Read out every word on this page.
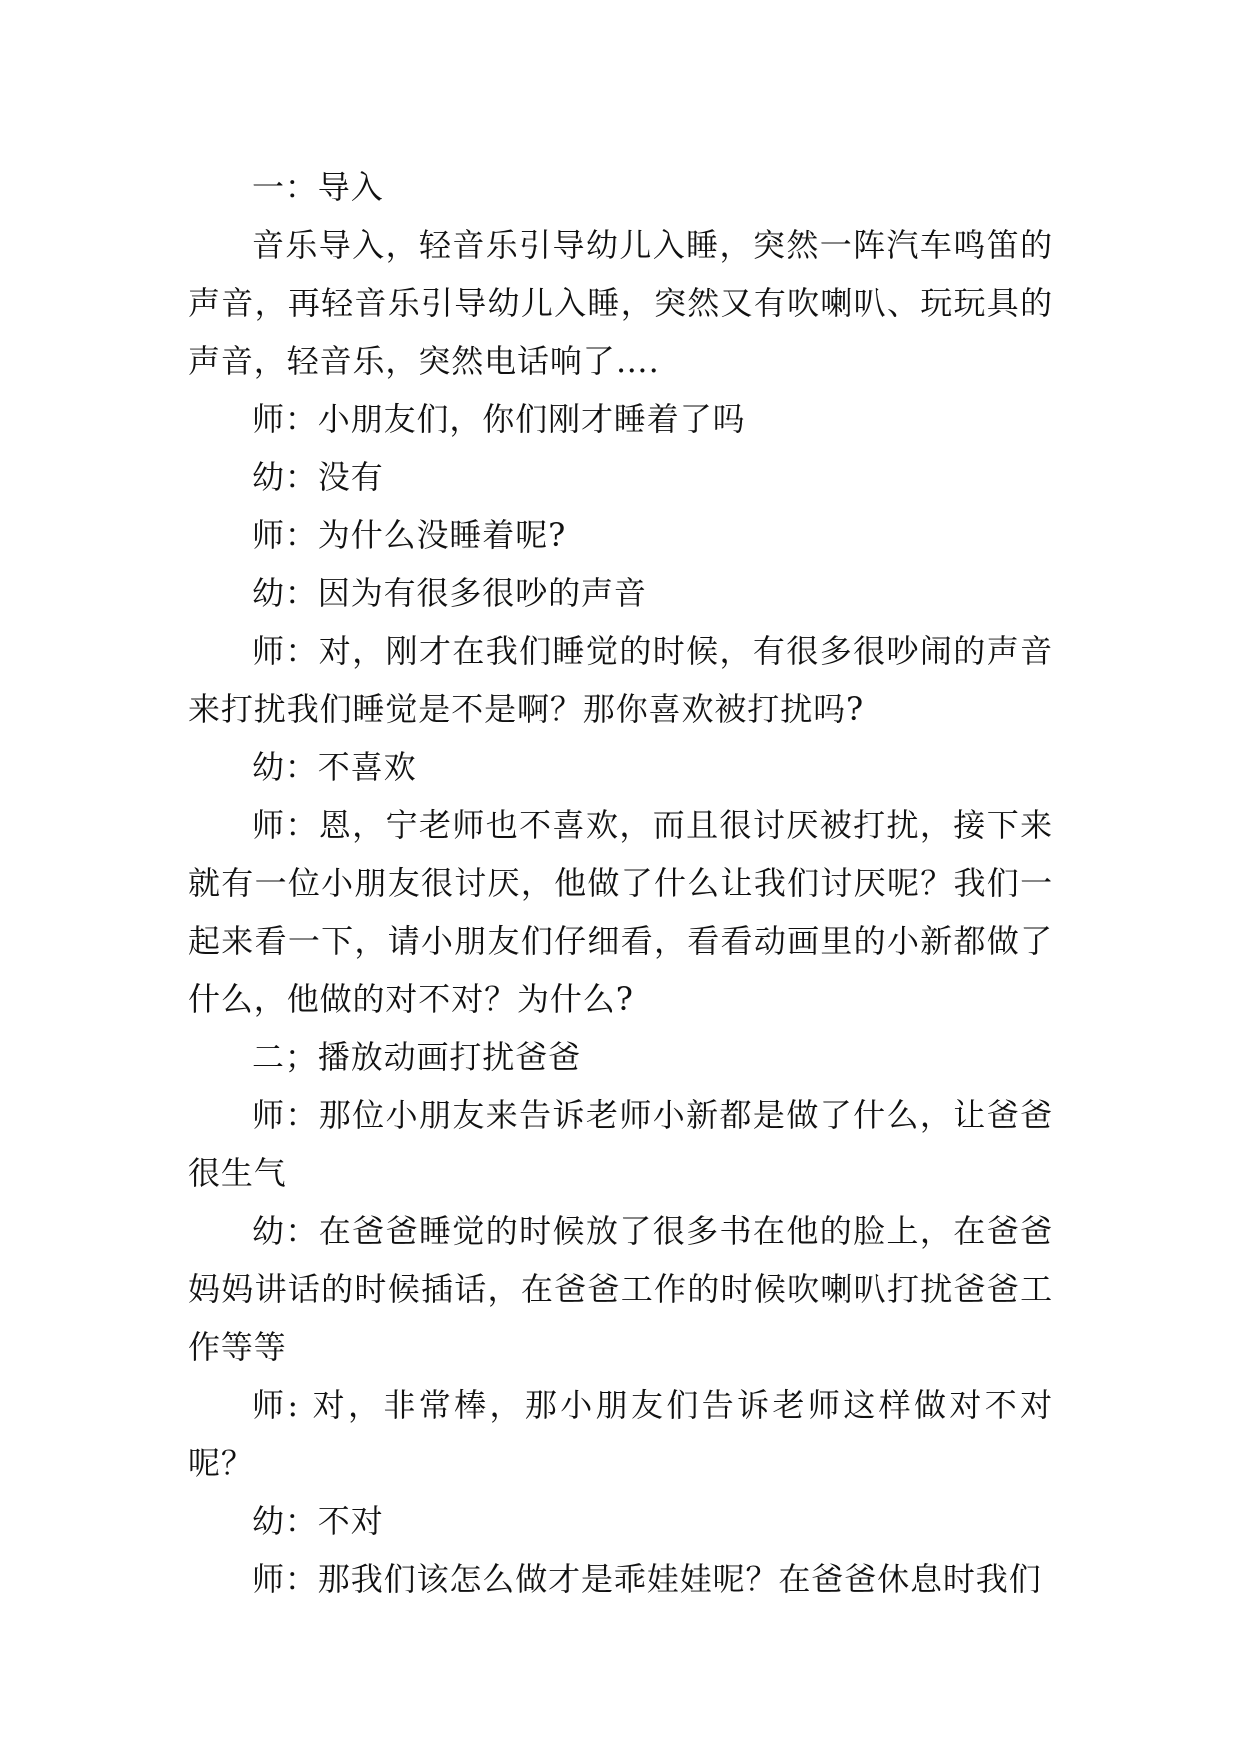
一：导入

音乐导入，轻音乐引导幼儿入睡，突然一阵汽车鸣笛的声音，再轻音乐引导幼儿入睡，突然又有吹喇叭、玩玩具的声音，轻音乐，突然电话响了….

师：小朋友们，你们刚才睡着了吗

幼：没有

师：为什么没睡着呢?

幼：因为有很多很吵的声音

师：对，刚才在我们睡觉的时候，有很多很吵闹的声音来打扰我们睡觉是不是啊？那你喜欢被打扰吗?

幼：不喜欢

师：恩，宁老师也不喜欢，而且很讨厌被打扰，接下来就有一位小朋友很讨厌，他做了什么让我们讨厌呢？我们一起来看一下，请小朋友们仔细看，看看动画里的小新都做了什么，他做的对不对？为什么?

二；播放动画打扰爸爸

师：那位小朋友来告诉老师小新都是做了什么，让爸爸很生气

幼：在爸爸睡觉的时候放了很多书在他的脸上，在爸爸妈妈讲话的时候插话，在爸爸工作的时候吹喇叭打扰爸爸工作等等

师: 对，非常棒，那小朋友们告诉老师这样做对不对呢？

幼：不对

师：那我们该怎么做才是乖娃娃呢？在爸爸休息时我们
